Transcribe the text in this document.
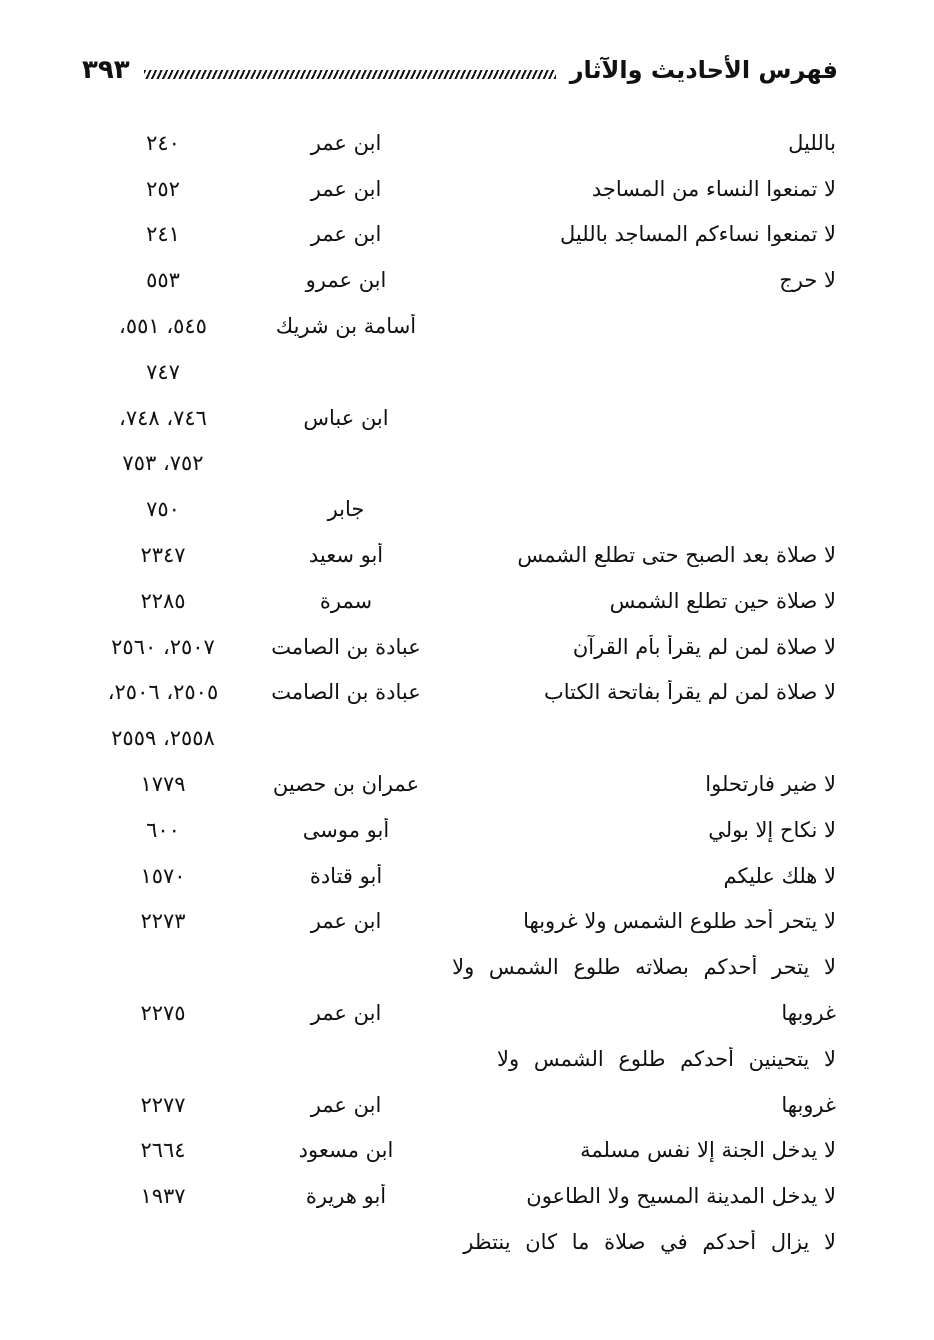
فهرس الأحاديث والآثار
٣٩٣
بالليل
ابن عمر
٢٤٠
لا تمنعوا النساء من المساجد
ابن عمر
٢٥٢
لا تمنعوا نساءكم المساجد بالليل
ابن عمر
٢٤١
لا حرج
ابن عمرو
٥٥٣
أسامة بن شريك
٥٤٥، ٥٥١،
٧٤٧
ابن عباس
٧٤٦، ٧٤٨،
٧٥٢، ٧٥٣
جابر
٧٥٠
لا صلاة بعد الصبح حتى تطلع الشمس
أبو سعيد
٢٣٤٧
لا صلاة حين تطلع الشمس
سمرة
٢٢٨٥
لا صلاة لمن لم يقرأ بأم القرآن
عبادة بن الصامت
٢٥٠٧، ٢٥٦٠
لا صلاة لمن لم يقرأ بفاتحة الكتاب
عبادة بن الصامت
٢٥٠٥، ٢٥٠٦،
٢٥٥٨، ٢٥٥٩
لا ضير فارتحلوا
عمران بن حصين
١٧٧٩
لا نكاح إلا بولي
أبو موسى
٦٠٠
لا هلك عليكم
أبو قتادة
١٥٧٠
لا يتحر أحد طلوع الشمس ولا غروبها
ابن عمر
٢٢٧٣
لا يتحر أحدكم بصلاته طلوع الشمس ولا
غروبها
ابن عمر
٢٢٧٥
لا يتحينين أحدكم طلوع الشمس ولا
غروبها
ابن عمر
٢٢٧٧
لا يدخل الجنة إلا نفس مسلمة
ابن مسعود
٢٦٦٤
لا يدخل المدينة المسيح ولا الطاعون
أبو هريرة
١٩٣٧
لا يزال أحدكم في صلاة ما كان ينتظر
